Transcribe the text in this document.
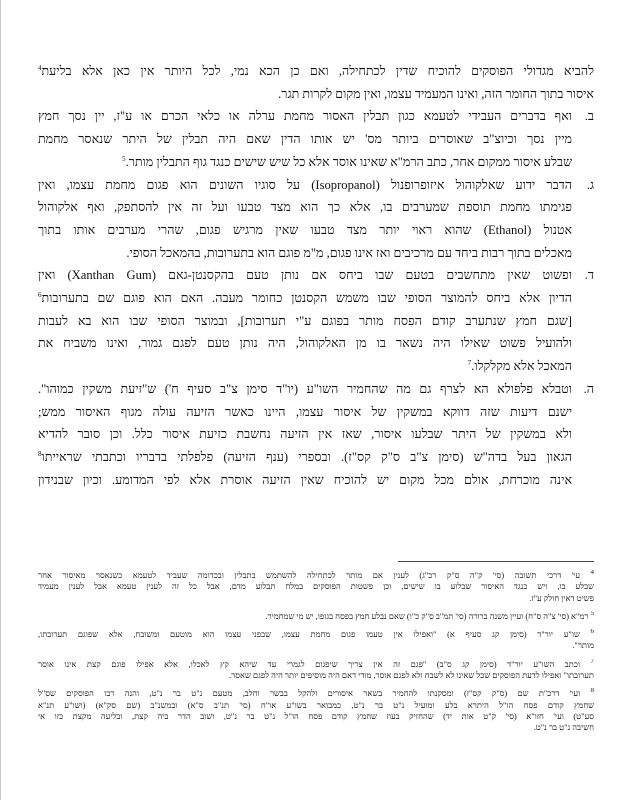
להביא מגדולי הפוסקים להוכיח שדין לכתחילה, ואם כן הכא נמי, לכל היותר אין כאן אלא בליעת$^4$
איסור בתוך החומר הזה, ואינו המעמיד עצמו, ואין מקום לקרות תגר.
ב.
ואף בדברים העבידי לטעמא כגון תבלין האסור מחמת ערלה או כלאי הכרם או ע"ז, יין נסך חמץ
מיין נסך וכיוצ"ב שאוסרים ביותר מס' יש אותו הדין שאם היה תבלין של היתר שנאסר מחמת
שבלע איסור ממקום אחר, כתב הרמ"א שאינו אוסר אלא כל שיש שישים כנגד גוף התבלין מותר.$^5$
ג.
הדבר ידוע שאלקוהול איזופרופנול (Isopropanol) על סוגיו השונים הוא פגום מחמת עצמו, ואין
פגימתו מחמת תוספת שמערבים בו, אלא כך הוא מצד טבעו ועל זה אין להסתפק, ואף אלקוהול
אטנול (Ethanol) שהוא ראוי יותר מצד טבעו שאין מרגיש פגום, שהרי מערבים אותו בתוך
מאכלים בתוך רבות ביחד עם מרכיבים ואז אינו פגום, מ"מ פוגם הוא בתערובות, בהמאכל הסופי.
ד.
ופשוט שאין מתחשבים בטעם שבו ביחס אם נותן טעם בהקסנטן-גאם (Xanthan Gum) ואין
הדיון אלא ביחס להמוצר הסופי שבו משמש הקסנטן כחומר מעבה. האם הוא פוגם שם בתערובות$^6$
[שגם חמץ שנתערב קודם הפסח מותר בפוגם ע"י תערובות], ובמוצר הסופי שבו הוא בא לעבות
ולהועיל פשוט שאילו היה נשאר בו מן האלקוהול, היה נותן טעם לפגם גמור, ואינו משביח את
המאכל אלא מקלקלו.$^7$
ה.
וטבלא פלפולא הא לצרף גם מה שהחמיר השו"ע (יו"ד סימן צ"ב סעיף ח') ש"זיעת משקין כמוהו".
ישנם דיעות שזה דווקא במשקין של איסור עצמו, היינו כאשר הזיעה עולה מגוף האיסור ממש;
ולא במשקין של היתר שבלעו איסור, שאז אין הזיעה נחשבת כזיעת איסור כלל. וכן סובר להדיא
הגאון בעל בדה"ש (סימן צ"ב ס"ק קס"ז). ובספרי (ענף הזיעה) פלפלתי בדבריו וכתבתי שראייתו$^8$
אינה מוכרחת, אולם מכל מקום יש להוכיח שאין הזיעה אוסרת אלא לפי המדומע. וכיון שבנידון
$^4$ עי' דרכי תשובה (סי' ק"ה ס"ק רכ"ג) לענין אם מותר לכתחילה להשתמש בתבלין ובכדומה שעביד לטעמא כשנאסר מאיסור אחר
שבלע בו, ויש כנגד האיסור שבלוע בו שישים, וכן פשטות הפוסקים במלח תבלוע מדם, אבל כל זה לענין טעמא אבל לענין מעמיד
פשיט דאין חולק ע"ז.
$^5$ רמ"א (סי' צ"ה ס"ח) ועיין משנה ברורה (סי' תמ"ב ס"ק כ"ו) שאם נבלע חמץ בפסח בגופו, יש מי שמחמיר.
$^6$ שו"ע יור"ד (סימן קג סעיף א) "ואפילו אין טעמו פגום מחמת עצמו, שבפני עצמו הוא מוטעם ומשובח, אלא שפוגם תערובתו,
מותר".
$^7$ וכתב השו"ע יור"ד (סימן קג ס"ב) "פגם זה אין צריך שיפגום לגמרי עד שיהא קץ לאכלו, אלא אפילו פוגם קצת אינו אוסר
תערובתו" ואפילו לדעת הפוסקים שכל שאינו לא לשבח ולא לפגם אוסר, מודי דאם היה מוסיפים יותר היה לפגם שאסר.
$^8$ ועי' דרכ"ת שם (ס"ק קס"ז) ומסקנתו להחמיר בשאר איסורים ולהקל בבשר וחלב, מטעם נ"ט בר נ"ט, והנה רבו הפוסקים שס"ל
שחמץ קודם פסח הו"ל היתרא בלע ומועיל נ"ט בר נ"ט, כמבואר בשו"ע או"ח (סי' תנ"ב ס"א) ובמשנ"ב (שם סק"א) (ושו"ע תנ"א
סע"ט) ועי' חזו"א (סי' ק"ט אות יד) שהחזיק בעוז שחמץ קודם פסח הו"ל נ"ט בר נ"ט, ושוב הדר ביה קצת, ובליעה מקצת כזו אי
חשיבה נ"ט בר נ"ט.
